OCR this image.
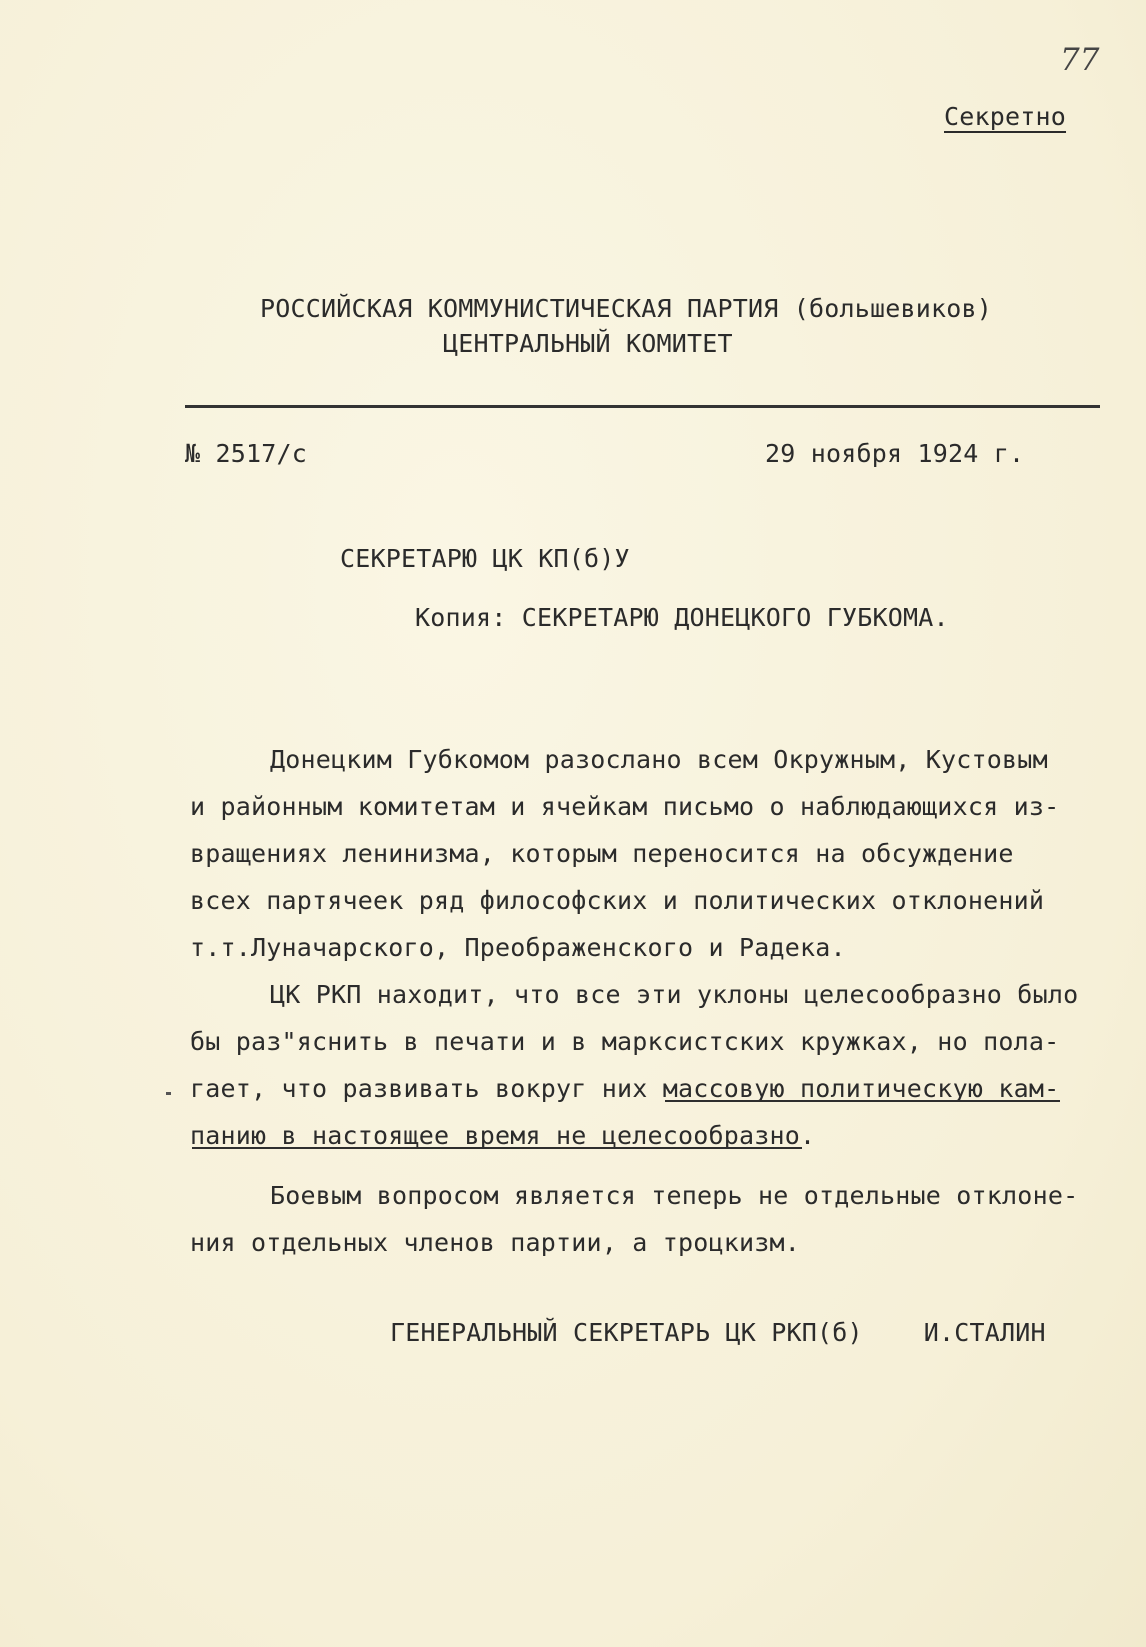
77
Секретно
РОССИЙСКАЯ КОММУНИСТИЧЕСКАЯ ПАРТИЯ (большевиков)
ЦЕНТРАЛЬНЫЙ КОМИТЕТ
№ 2517/с	29 ноября 1924 г.
СЕКРЕТАРЮ ЦК КП(б)У
Копия: СЕКРЕТАРЮ ДОНЕЦКОГО ГУБКОМА.
Донецким Губкомом разослано всем Окружным, Кустовым
и районным комитетам и ячейкам письмо о наблюдающихся из-
вращениях ленинизма, которым переносится на обсуждение
всех партячеек ряд философских и политических отклонений
т.т.Луначарского, Преображенского и Радека.
ЦК РКП находит, что все эти уклоны целесообразно было
бы раз"яснить в печати и в марксистских кружках, но пола-
гает, что развивать вокруг них массовую политическую кам-
панию в настоящее время не целесообразно.
Боевым вопросом является теперь не отдельные отклоне-
ния отдельных членов партии, а троцкизм.
ГЕНЕРАЛЬНЫЙ СЕКРЕТАРЬ ЦК РКП(б)    И.СТАЛИН
